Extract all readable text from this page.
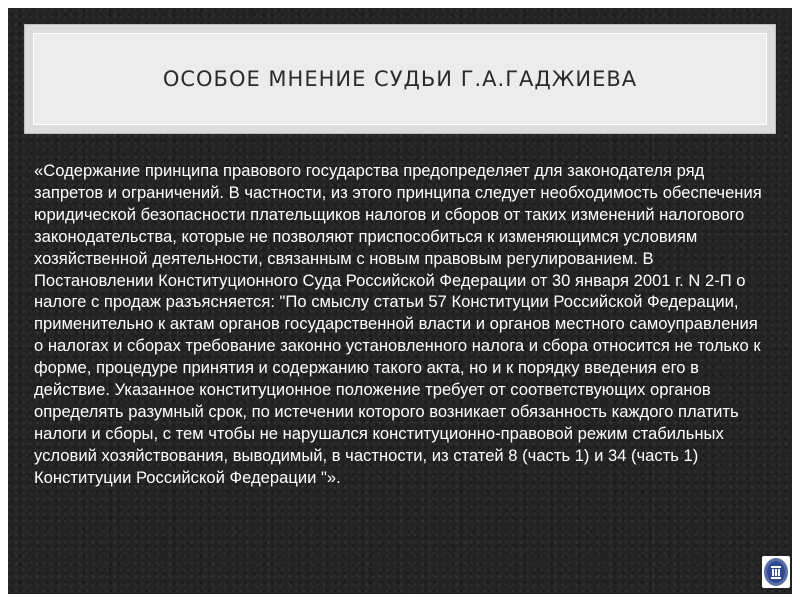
ОСОБОЕ МНЕНИЕ СУДЬИ Г.А.ГАДЖИЕВА

«Содержание принципа правового государства предопределяет для законодателя ряд запретов и ограничений. В частности, из этого принципа следует необходимость обеспечения юридической безопасности плательщиков налогов и сборов от таких изменений налогового законодательства, которые не позволяют приспособиться к изменяющимся условиям хозяйственной деятельности, связанным с новым правовым регулированием. В Постановлении Конституционного Суда Российской Федерации от 30 января 2001 г. N 2-П о налоге с продаж разъясняется: "По смыслу статьи 57 Конституции Российской Федерации, применительно к актам органов государственной власти и органов местного самоуправления о налогах и сборах требование законно установленного налога и сбора относится не только к форме, процедуре принятия и содержанию такого акта, но и к порядку введения его в действие. Указанное конституционное положение требует от соответствующих органов определять разумный срок, по истечении которого возникает обязанность каждого платить налоги и сборы, с тем чтобы не нарушался конституционно-правовой режим стабильных условий хозяйствования, выводимый, в частности, из статей 8 (часть 1) и 34 (часть 1) Конституции Российской Федерации "».
